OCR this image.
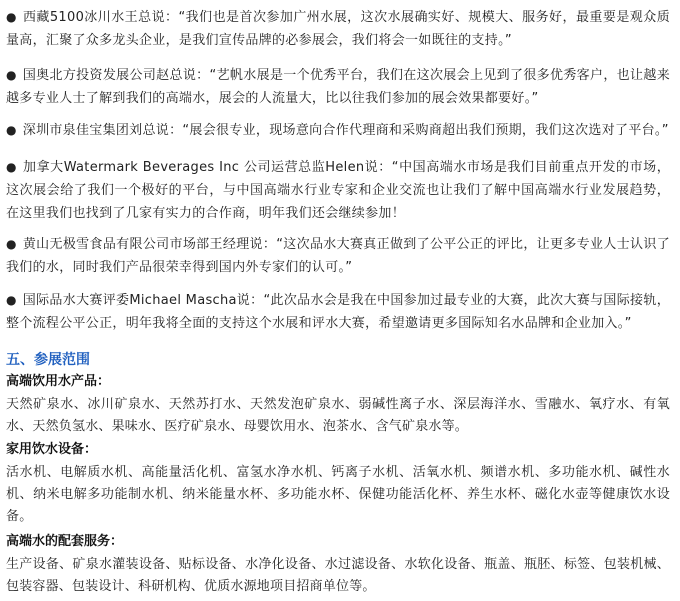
● 西藏5100冰川水王总说：“我们也是首次参加广州水展，这次水展确实好、规模大、服务好，最重要是观众质量高，汇聚了众多龙头企业，是我们宣传品牌的必参展会，我们将会一如既往的支持。”

● 国奥北方投资发展公司赵总说：“艺帆水展是一个优秀平台，我们在这次展会上见到了很多优秀客户，也让越来越多专业人士了解到我们的高端水，展会的人流量大，比以往我们参加的展会效果都要好。”

● 深圳市泉佳宝集团刘总说：“展会很专业，现场意向合作代理商和采购商超出我们预期，我们这次选对了平台。”

● 加拿大Watermark Beverages Inc 公司运营总监Helen说：“中国高端水市场是我们目前重点开发的市场，这次展会给了我们一个极好的平台，与中国高端水行业专家和企业交流也让我们了解中国高端水行业发展趋势，在这里我们也找到了几家有实力的合作商，明年我们还会继续参加！

● 黄山无极雪食品有限公司市场部王经理说：“这次品水大赛真正做到了公平公正的评比，让更多专业人士认识了我们的水，同时我们产品很荣幸得到国内外专家们的认可。”

● 国际品水大赛评委Michael Mascha说：“此次品水会是我在中国参加过最专业的大赛，此次大赛与国际接轨，整个流程公平公正，明年我将全面的支持这个水展和评水大赛，希望邀请更多国际知名水品牌和企业加入。”

五、参展范围
高端饮用水产品：

天然矿泉水、冰川矿泉水、天然苏打水、天然发泡矿泉水、弱碱性离子水、深层海洋水、雪融水、氧疗水、有氧水、天然负氢水、果味水、医疗矿泉水、母婴饮用水、泡茶水、含气矿泉水等。

家用饮水设备：

活水机、电解质水机、高能量活化机、富氢水净水机、钙离子水机、活氧水机、频谱水机、多功能水机、碱性水机、纳米电解多功能制水机、纳米能量水杯、多功能水杯、保健功能活化杯、养生水杯、磁化水壶等健康饮水设备。

高端水的配套服务：

生产设备、矿泉水灌装设备、贴标设备、水净化设备、水过滤设备、水软化设备、瓶盖、瓶胚、标签、包装机械、包装容器、包装设计、科研机构、优质水源地项目招商单位等。
